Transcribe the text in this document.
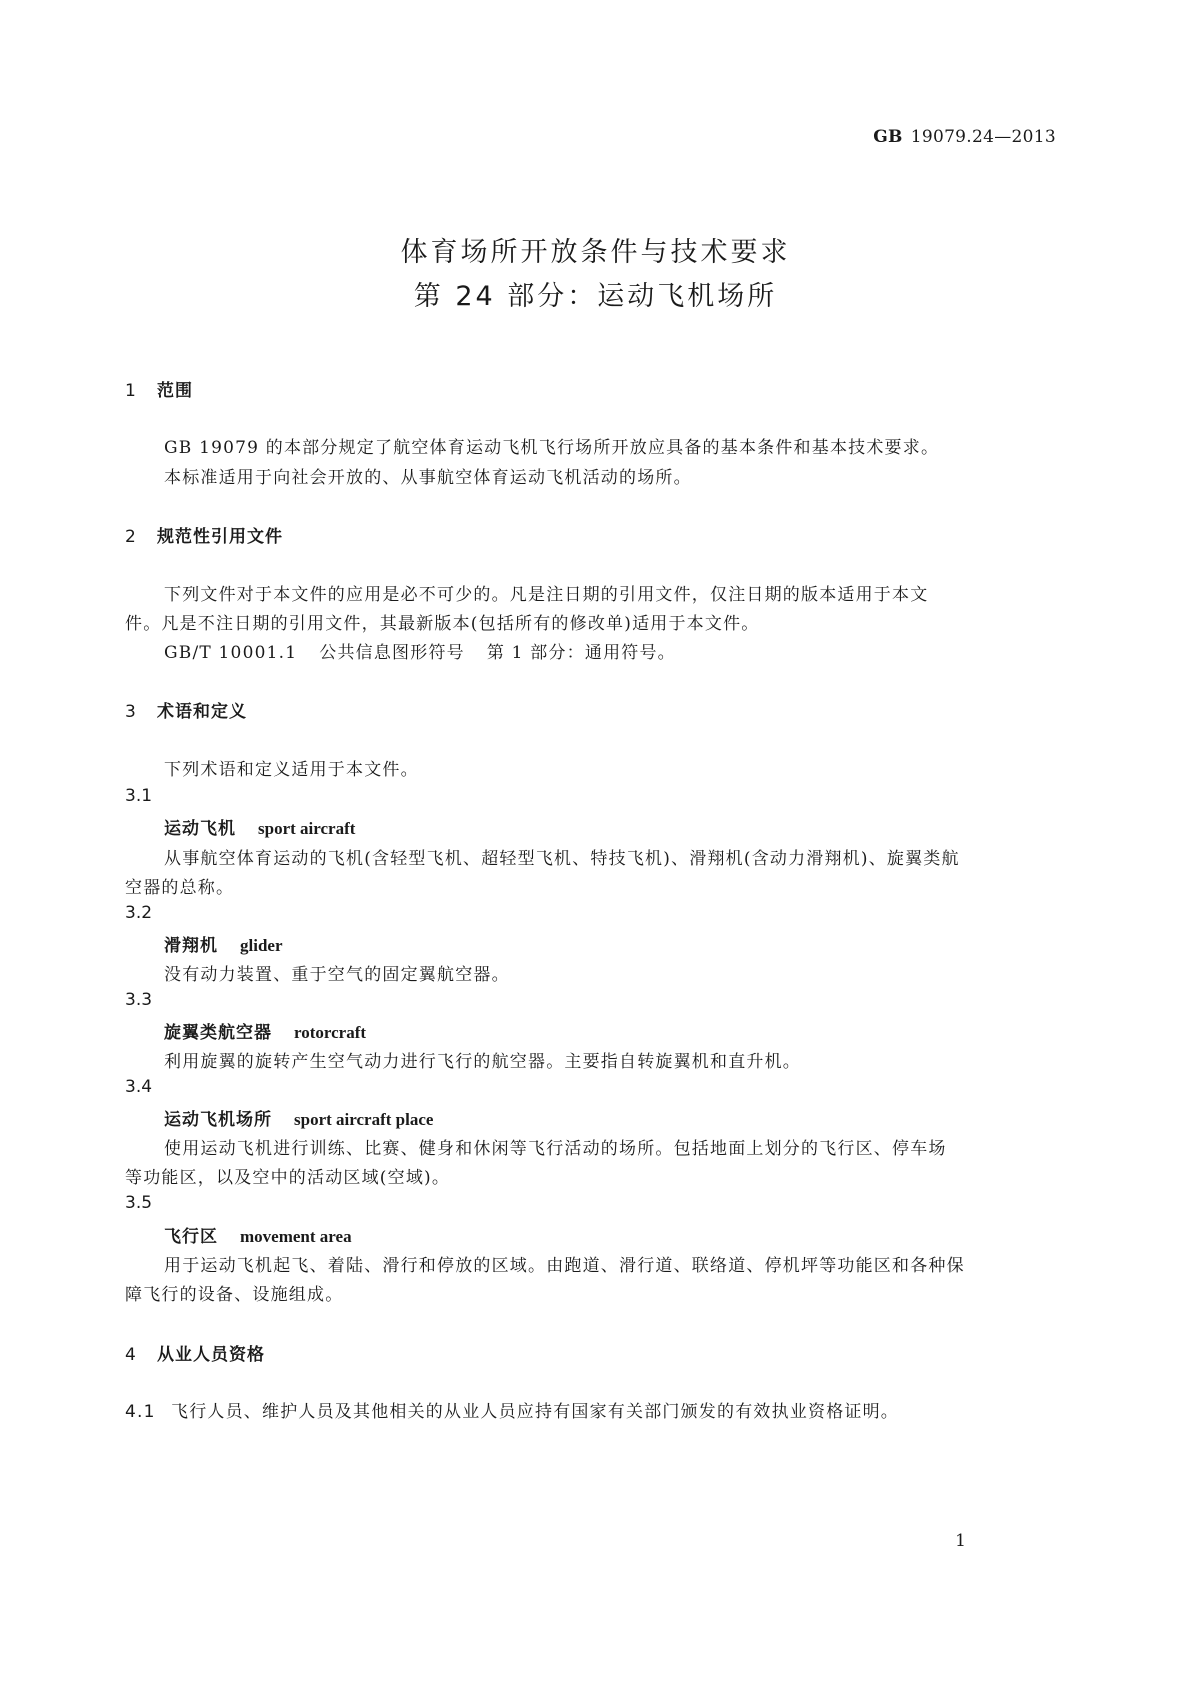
GB 19079.24—2013
体育场所开放条件与技术要求
第 24 部分：运动飞机场所
1 范围
GB 19079 的本部分规定了航空体育运动飞机飞行场所开放应具备的基本条件和基本技术要求。
本标准适用于向社会开放的、从事航空体育运动飞机活动的场所。
2 规范性引用文件
下列文件对于本文件的应用是必不可少的。凡是注日期的引用文件，仅注日期的版本适用于本文
件。凡是不注日期的引用文件，其最新版本(包括所有的修改单)适用于本文件。
GB/T 10001.1 公共信息图形符号 第 1 部分：通用符号。
3 术语和定义
下列术语和定义适用于本文件。
3.1
运动飞机 sport aircraft
从事航空体育运动的飞机(含轻型飞机、超轻型飞机、特技飞机)、滑翔机(含动力滑翔机)、旋翼类航
空器的总称。
3.2
滑翔机 glider
没有动力装置、重于空气的固定翼航空器。
3.3
旋翼类航空器 rotorcraft
利用旋翼的旋转产生空气动力进行飞行的航空器。主要指自转旋翼机和直升机。
3.4
运动飞机场所 sport aircraft place
使用运动飞机进行训练、比赛、健身和休闲等飞行活动的场所。包括地面上划分的飞行区、停车场
等功能区，以及空中的活动区域(空域)。
3.5
飞行区 movement area
用于运动飞机起飞、着陆、滑行和停放的区域。由跑道、滑行道、联络道、停机坪等功能区和各种保
障飞行的设备、设施组成。
4 从业人员资格
4.1 飞行人员、维护人员及其他相关的从业人员应持有国家有关部门颁发的有效执业资格证明。
1
